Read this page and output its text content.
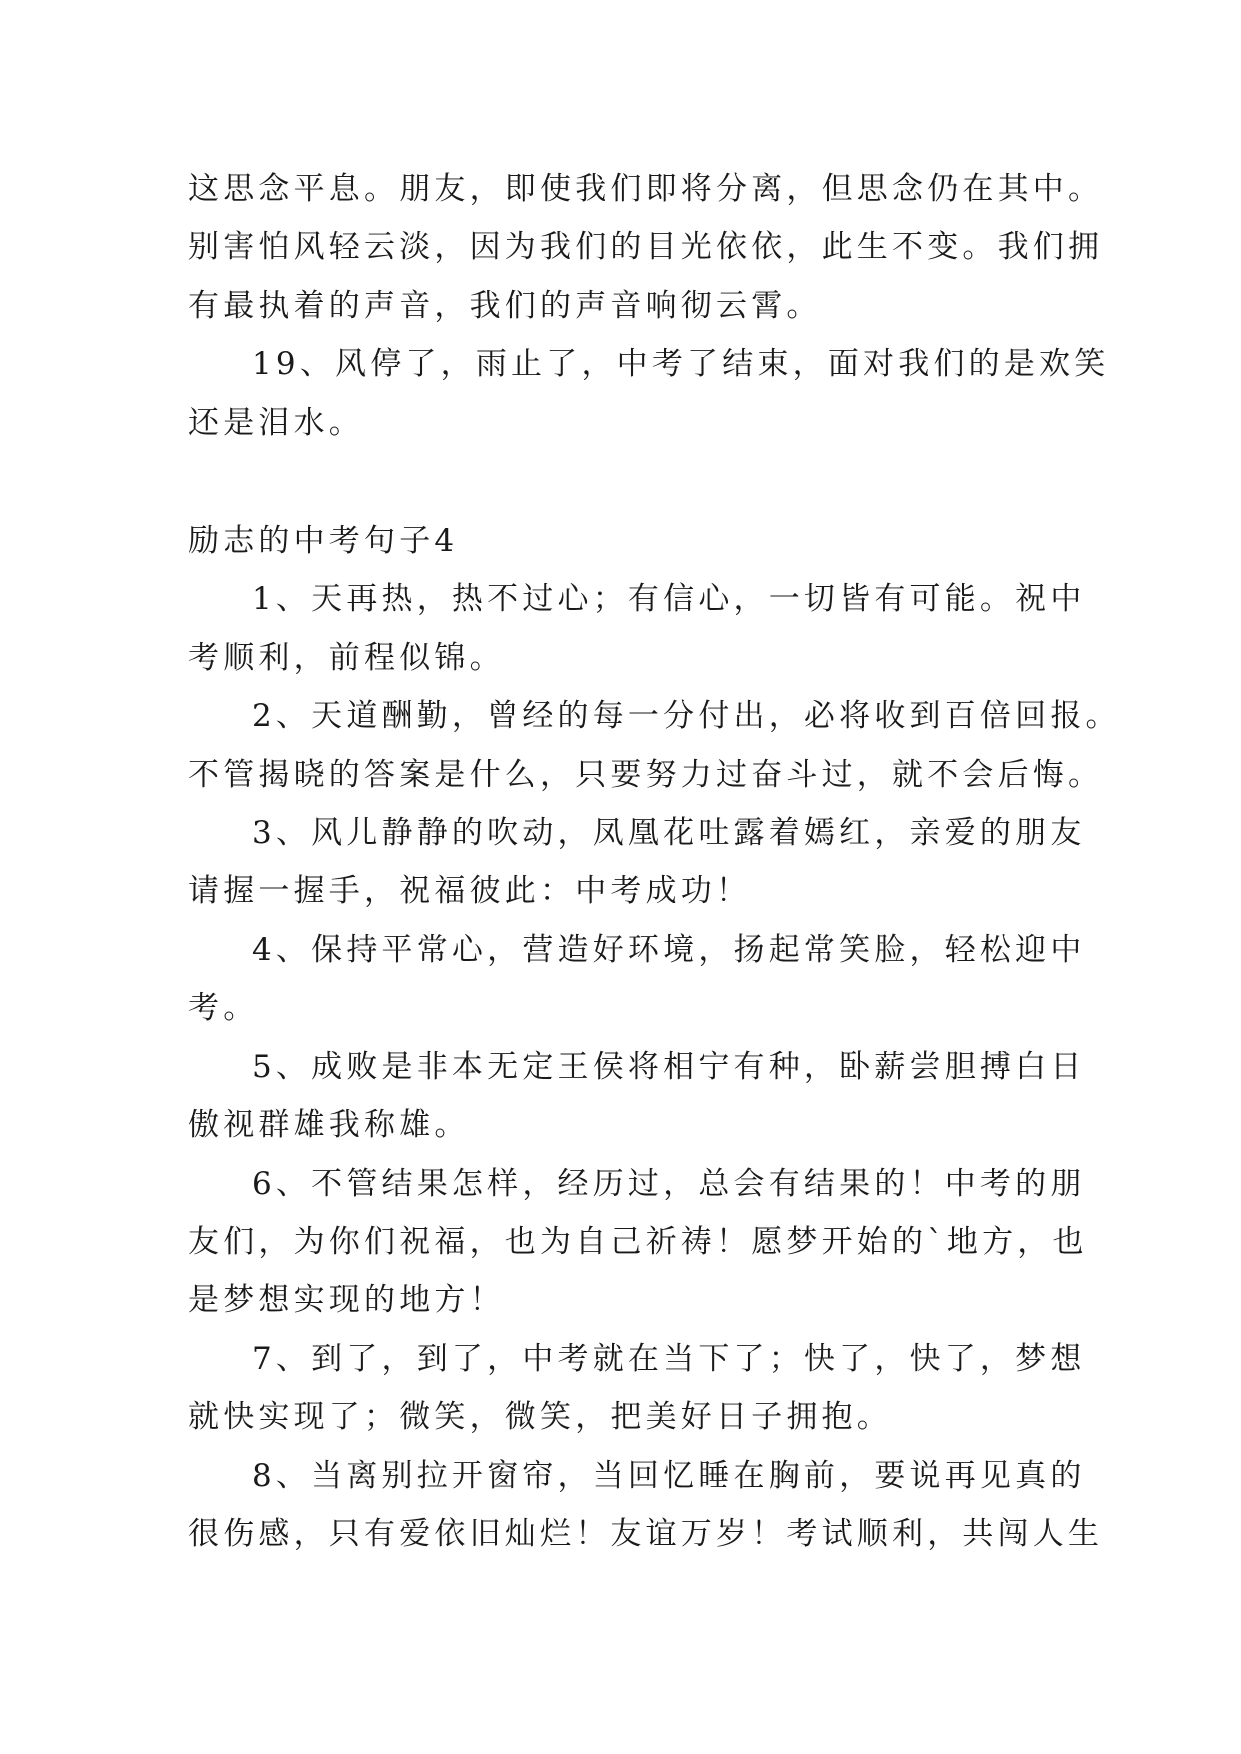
这思念平息。朋友，即使我们即将分离，但思念仍在其中。

别害怕风轻云淡，因为我们的目光依依，此生不变。我们拥

有最执着的声音，我们的声音响彻云霄。

19、风停了，雨止了，中考了结束，面对我们的是欢笑

还是泪水。

励志的中考句子4

1、天再热，热不过心；有信心，一切皆有可能。祝中

考顺利，前程似锦。

2、天道酬勤，曾经的每一分付出，必将收到百倍回报。

不管揭晓的答案是什么，只要努力过奋斗过，就不会后悔。

3、风儿静静的吹动，凤凰花吐露着嫣红，亲爱的朋友

请握一握手，祝福彼此：中考成功！

4、保持平常心，营造好环境，扬起常笑脸，轻松迎中

考。

5、成败是非本无定王侯将相宁有种，卧薪尝胆搏白日

傲视群雄我称雄。

6、不管结果怎样，经历过，总会有结果的！中考的朋

友们，为你们祝福，也为自己祈祷！愿梦开始的`地方，也

是梦想实现的地方！

7、到了，到了，中考就在当下了；快了，快了，梦想

就快实现了；微笑，微笑，把美好日子拥抱。

8、当离别拉开窗帘，当回忆睡在胸前，要说再见真的

很伤感，只有爱依旧灿烂！友谊万岁！考试顺利，共闯人生
